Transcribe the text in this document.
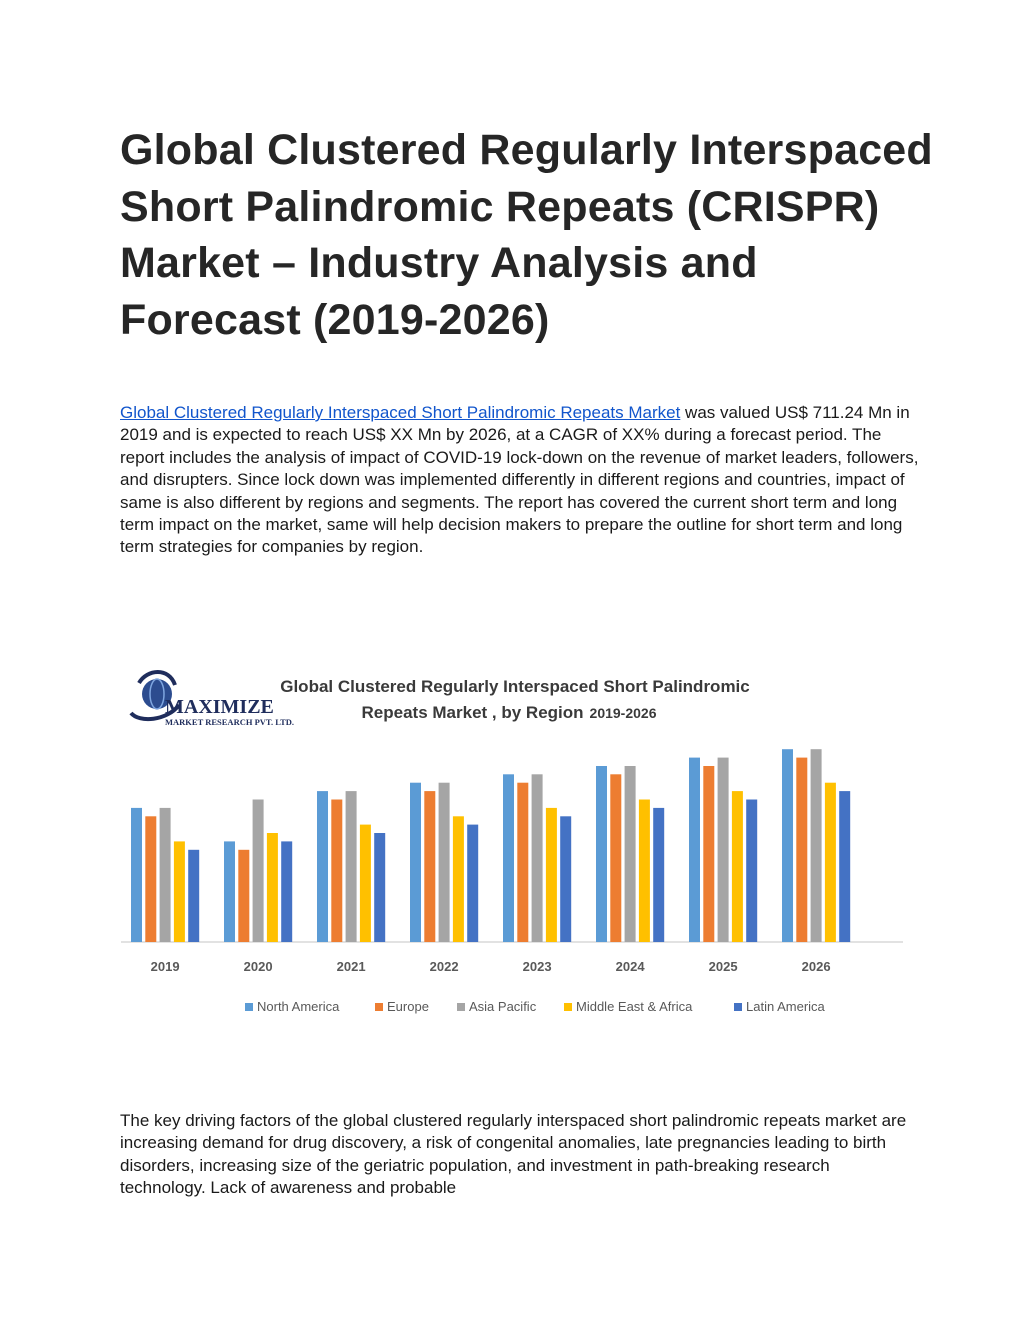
Global Clustered Regularly Interspaced Short Palindromic Repeats (CRISPR) Market – Industry Analysis and Forecast (2019-2026)

Global Clustered Regularly Interspaced Short Palindromic Repeats Market was valued US$ 711.24 Mn in 2019 and is expected to reach US$ XX Mn by 2026, at a CAGR of XX% during a forecast period. The report includes the analysis of impact of COVID-19 lock-down on the revenue of market leaders, followers, and disrupters. Since lock down was implemented differently in different regions and countries, impact of same is also different by regions and segments. The report has covered the current short term and long term impact on the market, same will help decision makers to prepare the outline for short term and long term strategies for companies by region.

MAXIMIZE
MARKET RESEARCH PVT. LTD.
Global Clustered Regularly Interspaced Short Palindromic
Repeats Market , by Region 2019-2026
2019	2020	2021	2022	2023	2024	2025	2026
North America	Europe	Asia Pacific	Middle East & Africa	Latin America

The key driving factors of the global clustered regularly interspaced short palindromic repeats market are increasing demand for drug discovery, a risk of congenital anomalies, late pregnancies leading to birth disorders, increasing size of the geriatric population, and investment in path-breaking research technology. Lack of awareness and probable
